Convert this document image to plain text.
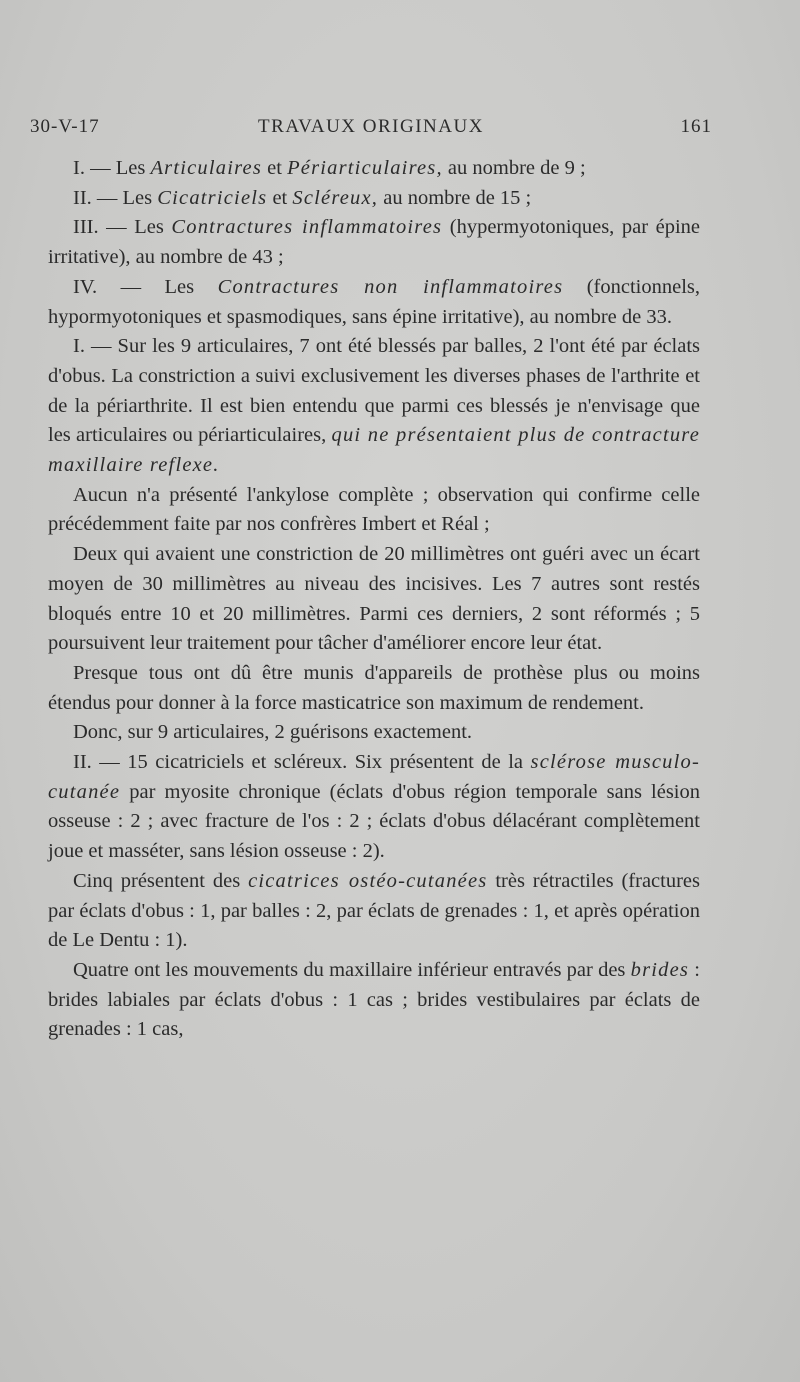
30-V-17	TRAVAUX ORIGINAUX	161

I. — Les Articulaires et Périarticulaires, au nombre de 9 ;

II. — Les Cicatriciels et Scléreux, au nombre de 15 ;

III. — Les Contractures inflammatoires (hypermyotoniques, par épine irritative), au nombre de 43 ;

IV. — Les Contractures non inflammatoires (fonctionnels, hypormyotoniques et spasmodiques, sans épine irritative), au nombre de 33.

I. — Sur les 9 articulaires, 7 ont été blessés par balles, 2 l'ont été par éclats d'obus. La constriction a suivi exclusivement les diverses phases de l'arthrite et de la périarthrite. Il est bien entendu que parmi ces blessés je n'envisage que les articulaires ou périarticulaires, qui ne présentaient plus de contracture maxillaire reflexe.

Aucun n'a présenté l'ankylose complète ; observation qui confirme celle précédemment faite par nos confrères Imbert et Réal ;

Deux qui avaient une constriction de 20 millimètres ont guéri avec un écart moyen de 30 millimètres au niveau des incisives. Les 7 autres sont restés bloqués entre 10 et 20 millimètres. Parmi ces derniers, 2 sont réformés ; 5 poursuivent leur traitement pour tâcher d'améliorer encore leur état.

Presque tous ont dû être munis d'appareils de prothèse plus ou moins étendus pour donner à la force masticatrice son maximum de rendement.

Donc, sur 9 articulaires, 2 guérisons exactement.

II. — 15 cicatriciels et scléreux. Six présentent de la sclérose musculo-cutanée par myosite chronique (éclats d'obus région temporale sans lésion osseuse : 2 ; avec fracture de l'os : 2 ; éclats d'obus délacérant complètement joue et masséter, sans lésion osseuse : 2).

Cinq présentent des cicatrices ostéo-cutanées très rétractiles (fractures par éclats d'obus : 1, par balles : 2, par éclats de grenades : 1, et après opération de Le Dentu : 1).

Quatre ont les mouvements du maxillaire inférieur entravés par des brides : brides labiales par éclats d'obus : 1 cas ; brides vestibulaires par éclats de grenades : 1 cas,
